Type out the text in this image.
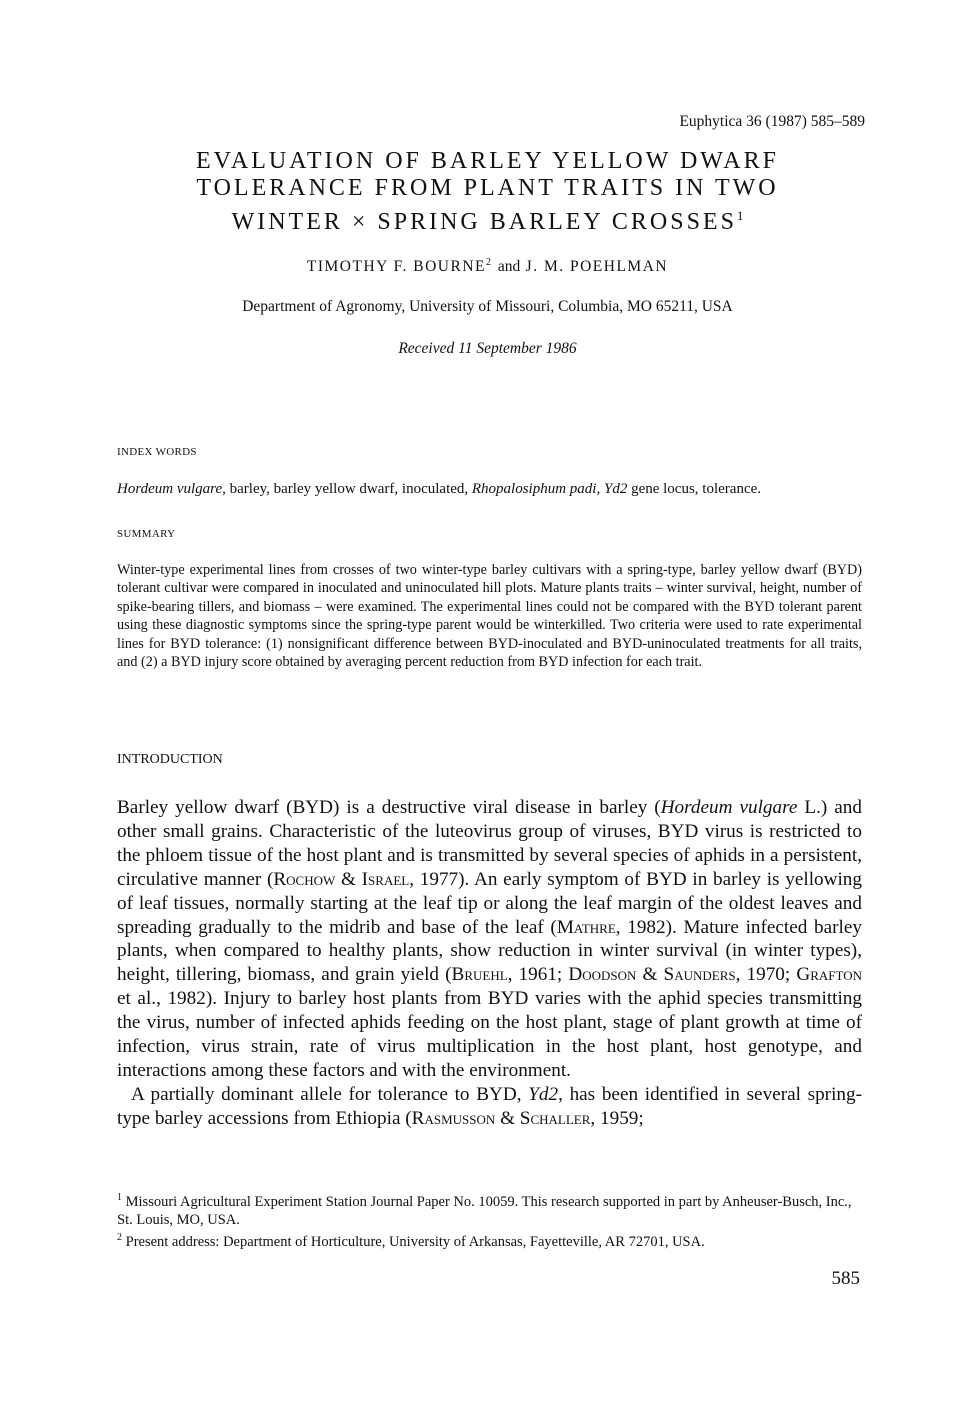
Euphytica 36 (1987) 585–589
EVALUATION OF BARLEY YELLOW DWARF
TOLERANCE FROM PLANT TRAITS IN TWO
WINTER × SPRING BARLEY CROSSES$^1$
TIMOTHY F. BOURNE$^2$ and J. M. POEHLMAN
Department of Agronomy, University of Missouri, Columbia, MO 65211, USA
Received 11 September 1986
INDEX WORDS
Hordeum vulgare, barley, barley yellow dwarf, inoculated, Rhopalosiphum padi, Yd2 gene locus, tolerance.
SUMMARY
Winter-type experimental lines from crosses of two winter-type barley cultivars with a spring-type, barley yellow dwarf (BYD) tolerant cultivar were compared in inoculated and uninoculated hill plots. Mature plants traits – winter survival, height, number of spike-bearing tillers, and biomass – were examined. The experimental lines could not be compared with the BYD tolerant parent using these diagnostic symptoms since the spring-type parent would be winterkilled. Two criteria were used to rate experimental lines for BYD tolerance: (1) nonsignificant difference between BYD-inoculated and BYD-uninoculated treatments for all traits, and (2) a BYD injury score obtained by averaging percent reduction from BYD infection for each trait.
INTRODUCTION

Barley yellow dwarf (BYD) is a destructive viral disease in barley (Hordeum vulgare L.) and other small grains. Characteristic of the luteovirus group of viruses, BYD virus is restricted to the phloem tissue of the host plant and is transmitted by several species of aphids in a persistent, circulative manner (Rochow & Israel, 1977). An early symptom of BYD in barley is yellowing of leaf tissues, normally starting at the leaf tip or along the leaf margin of the oldest leaves and spreading gradually to the midrib and base of the leaf (Mathre, 1982). Mature infected barley plants, when compared to healthy plants, show reduction in winter survival (in winter types), height, tillering, biomass, and grain yield (Bruehl, 1961; Doodson & Saunders, 1970; Grafton et al., 1982). Injury to barley host plants from BYD varies with the aphid species transmitting the virus, number of infected aphids feeding on the host plant, stage of plant growth at time of infection, virus strain, rate of virus multiplication in the host plant, host genotype, and interactions among these factors and with the environment.

A partially dominant allele for tolerance to BYD, Yd2, has been identified in several spring-type barley accessions from Ethiopia (Rasmusson & Schaller, 1959;

$^1$ Missouri Agricultural Experiment Station Journal Paper No. 10059. This research supported in part by Anheuser-Busch, Inc., St. Louis, MO, USA.

$^2$ Present address: Department of Horticulture, University of Arkansas, Fayetteville, AR 72701, USA.

585
